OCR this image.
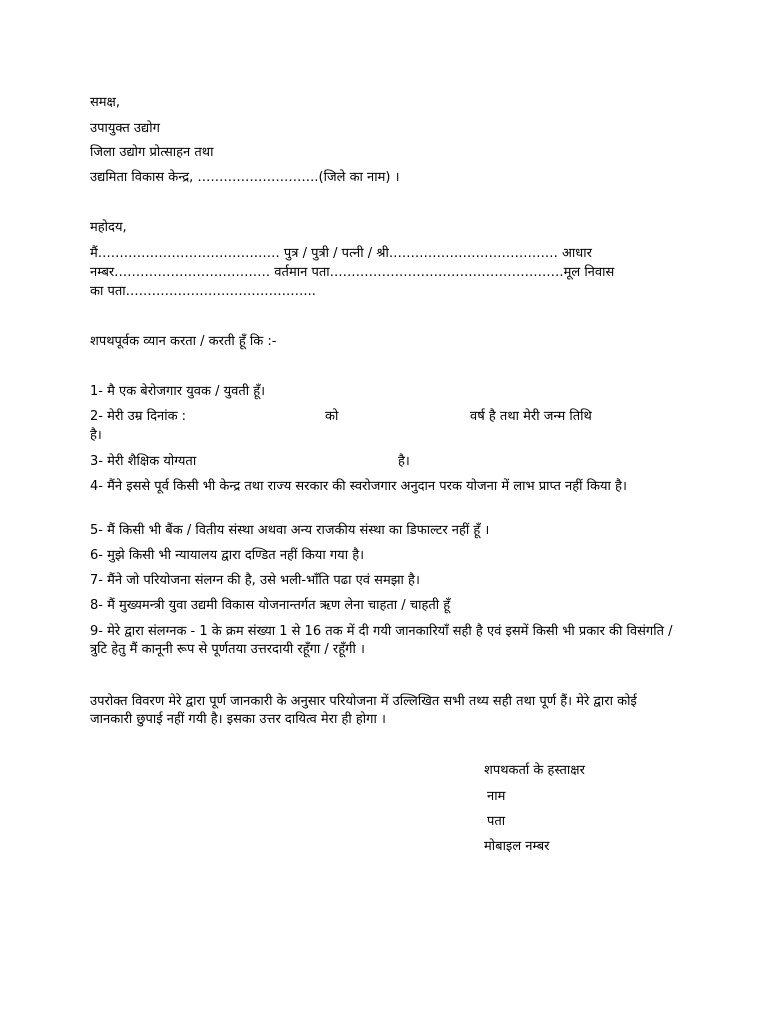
समक्ष,
उपायुक्त उद्योग
जिला उद्योग प्रोत्साहन तथा
उद्यमिता विकास केन्द्र, ……………………….(जिले का नाम) ।
महोदय,
मैं…………………………………… पुत्र / पुत्री / पत्नी / श्री………………………………… आधार
नम्बर……………………………… वर्तमान पता………………………………………………मूल निवास
का पता……………………………………..
शपथपूर्वक व्यान करता / करती हूँ कि :-
1- मै एक बेरोजगार युवक / युवती हूँ।
2- मेरी उम्र दिनांक :	को	वर्ष है तथा मेरी जन्म तिथि
है।
3- मेरी शैक्षिक योग्यता	है।
4- मैंने इससे पूर्व किसी भी केन्द्र तथा राज्य सरकार की स्वरोजगार अनुदान परक योजना में लाभ प्राप्त नहीं किया है।
5- मैं किसी भी बैंक / वितीय संस्था अथवा अन्य राजकीय संस्था का डिफाल्टर नहीं हूँ ।
6- मुझे किसी भी न्यायालय द्वारा दण्डित नहीं किया गया है।
7- मैंने जो परियोजना संलग्न की है, उसे भली-भाँति पढा एवं समझा है।
8- मैं मुख्यमन्त्री युवा उद्यमी विकास योजनान्तर्गत ऋण लेना चाहता / चाहती हूँ
9- मेरे द्वारा संलग्नक - 1 के क्रम संख्या 1 से 16 तक में दी गयी जानकारियाँ सही है एवं इसमें किसी भी प्रकार की विसंगति / त्रुटि हेतु मैं कानूनी रूप से पूर्णतया उत्तरदायी रहूँगा / रहूँगी ।
उपरोक्त विवरण मेरे द्वारा पूर्ण जानकारी के अनुसार परियोजना में उल्लिखित सभी तथ्य सही तथा पूर्ण हैं। मेरे द्वारा कोई जानकारी छुपाई नहीं गयी है। इसका उत्तर दायित्व मेरा ही होगा ।
शपथकर्ता के हस्ताक्षर
नाम
पता
मोबाइल नम्बर
